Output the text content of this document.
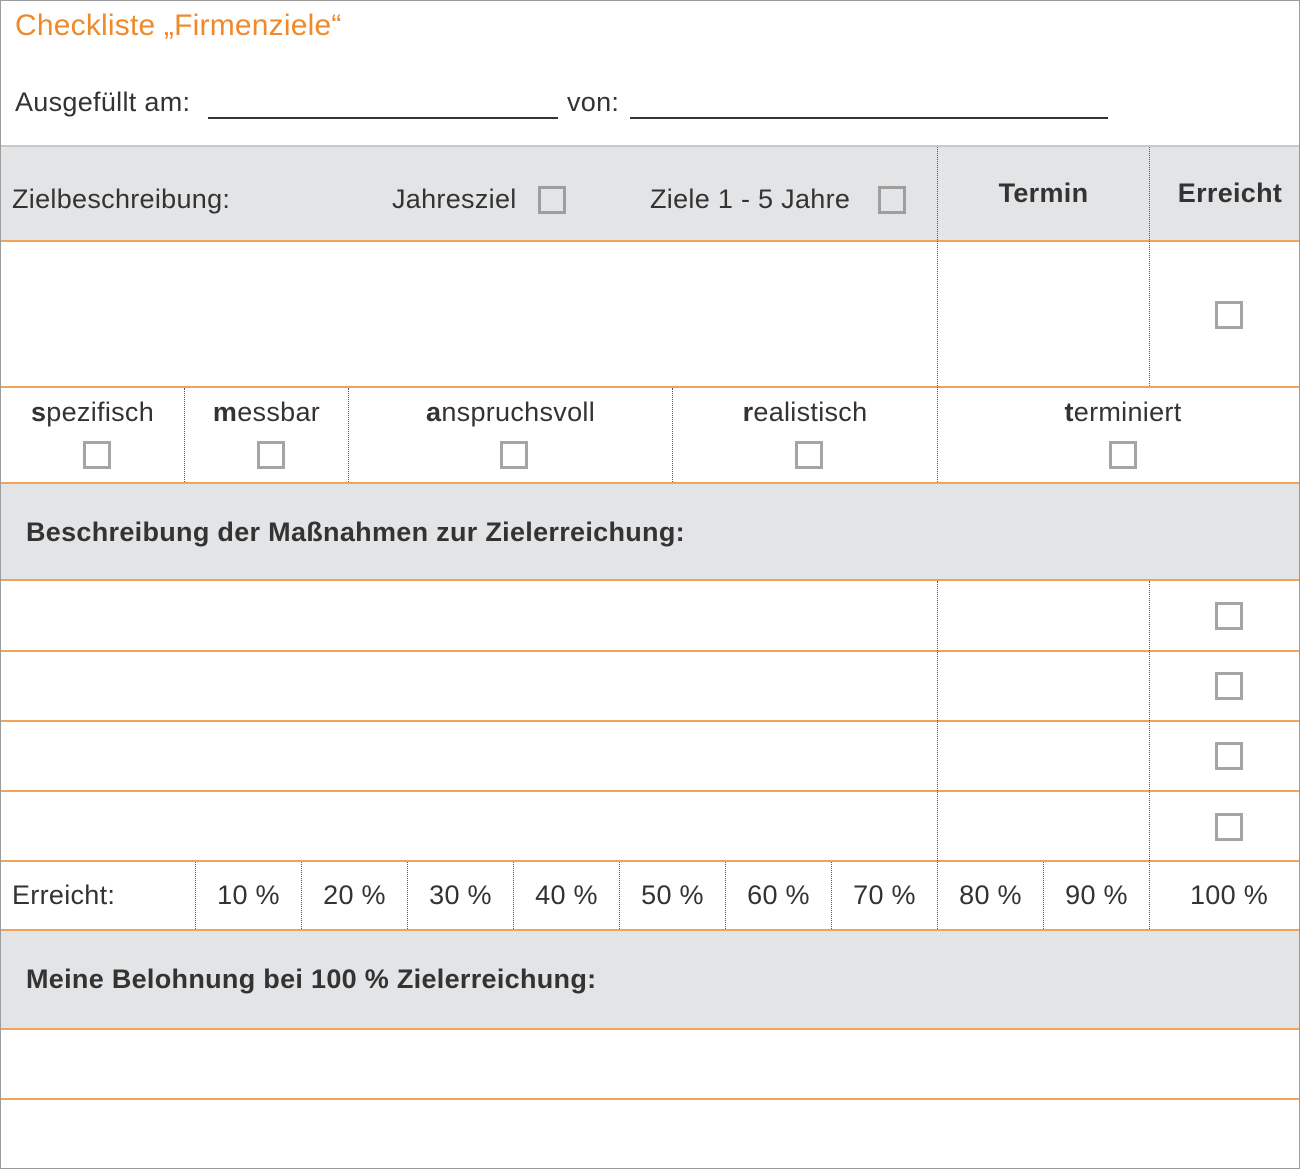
Checkliste „Firmenziele“
Ausgefüllt am:	von:
Zielbeschreibung:	Jahresziel	Ziele 1 - 5 Jahre	Termin	Erreicht
spezifisch	messbar	anspruchsvoll	realistisch	terminiert
Beschreibung der Maßnahmen zur Zielerreichung:
Erreicht:	10 %	20 %	30 %	40 %	50 %	60 %	70 %	80 %	90 %	100 %
Meine Belohnung bei 100 % Zielerreichung:
